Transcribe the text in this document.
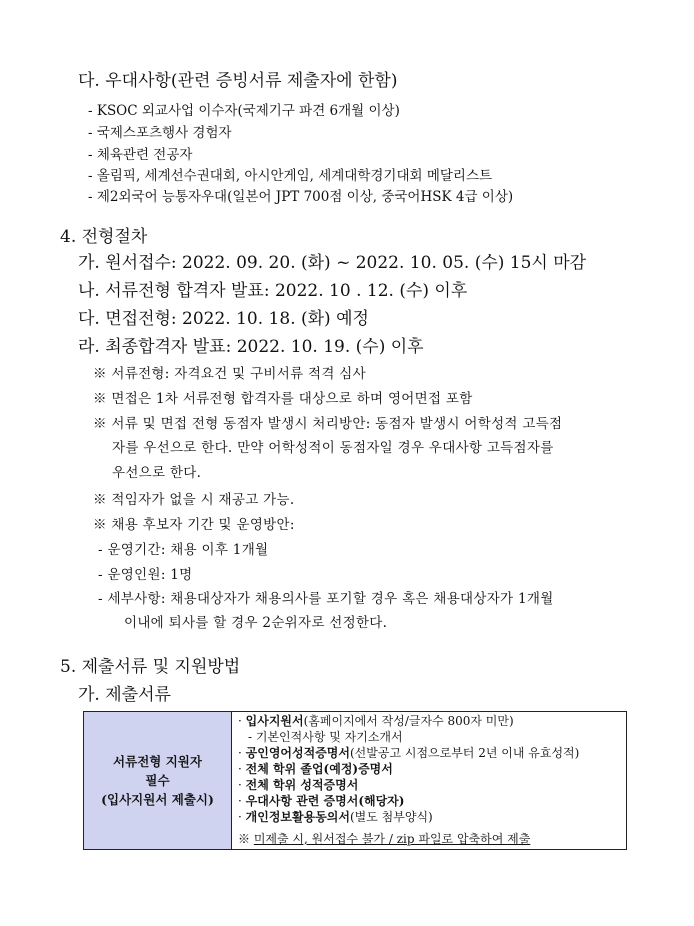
다. 우대사항(관련 증빙서류 제출자에 한함)
- KSOC 외교사업 이수자(국제기구 파견 6개월 이상)
- 국제스포츠행사 경험자
- 체육관련 전공자
- 올림픽, 세계선수권대회, 아시안게임, 세계대학경기대회 메달리스트
- 제2외국어 능통자우대(일본어 JPT 700점 이상, 중국어HSK 4급 이상)
4. 전형절차
가. 원서접수: 2022. 09. 20. (화) ~ 2022. 10. 05. (수) 15시 마감
나. 서류전형 합격자 발표: 2022. 10 . 12. (수) 이후
다. 면접전형: 2022. 10. 18. (화) 예정
라. 최종합격자 발표: 2022. 10. 19. (수) 이후
※ 서류전형: 자격요건 및 구비서류 적격 심사
※ 면접은 1차 서류전형 합격자를 대상으로 하며 영어면접 포함
※ 서류 및 면접 전형 동점자 발생시 처리방안: 동점자 발생시 어학성적 고득점
자를 우선으로 한다. 만약 어학성적이 동점자일 경우 우대사항 고득점자를
우선으로 한다.
※ 적임자가 없을 시 재공고 가능.
※ 채용 후보자 기간 및 운영방안:
- 운영기간: 채용 이후 1개월
- 운영인원: 1명
- 세부사항: 채용대상자가 채용의사를 포기할 경우 혹은 채용대상자가 1개월
이내에 퇴사를 할 경우 2순위자로 선정한다.
5. 제출서류 및 지원방법
가. 제출서류
서류전형 지원자
필수
(입사지원서 제출시)

· 입사지원서(홈페이지에서 작성/글자수 800자 미만)
- 기본인적사항 및 자기소개서
· 공인영어성적증명서(선발공고 시점으로부터 2년 이내 유효성적)
· 전체 학위 졸업(예정)증명서
· 전체 학위 성적증명서
· 우대사항 관련 증명서(해당자)
· 개인정보활용동의서(별도 첨부양식)
※ 미제출 시, 원서접수 불가 / zip 파일로 압축하여 제출
